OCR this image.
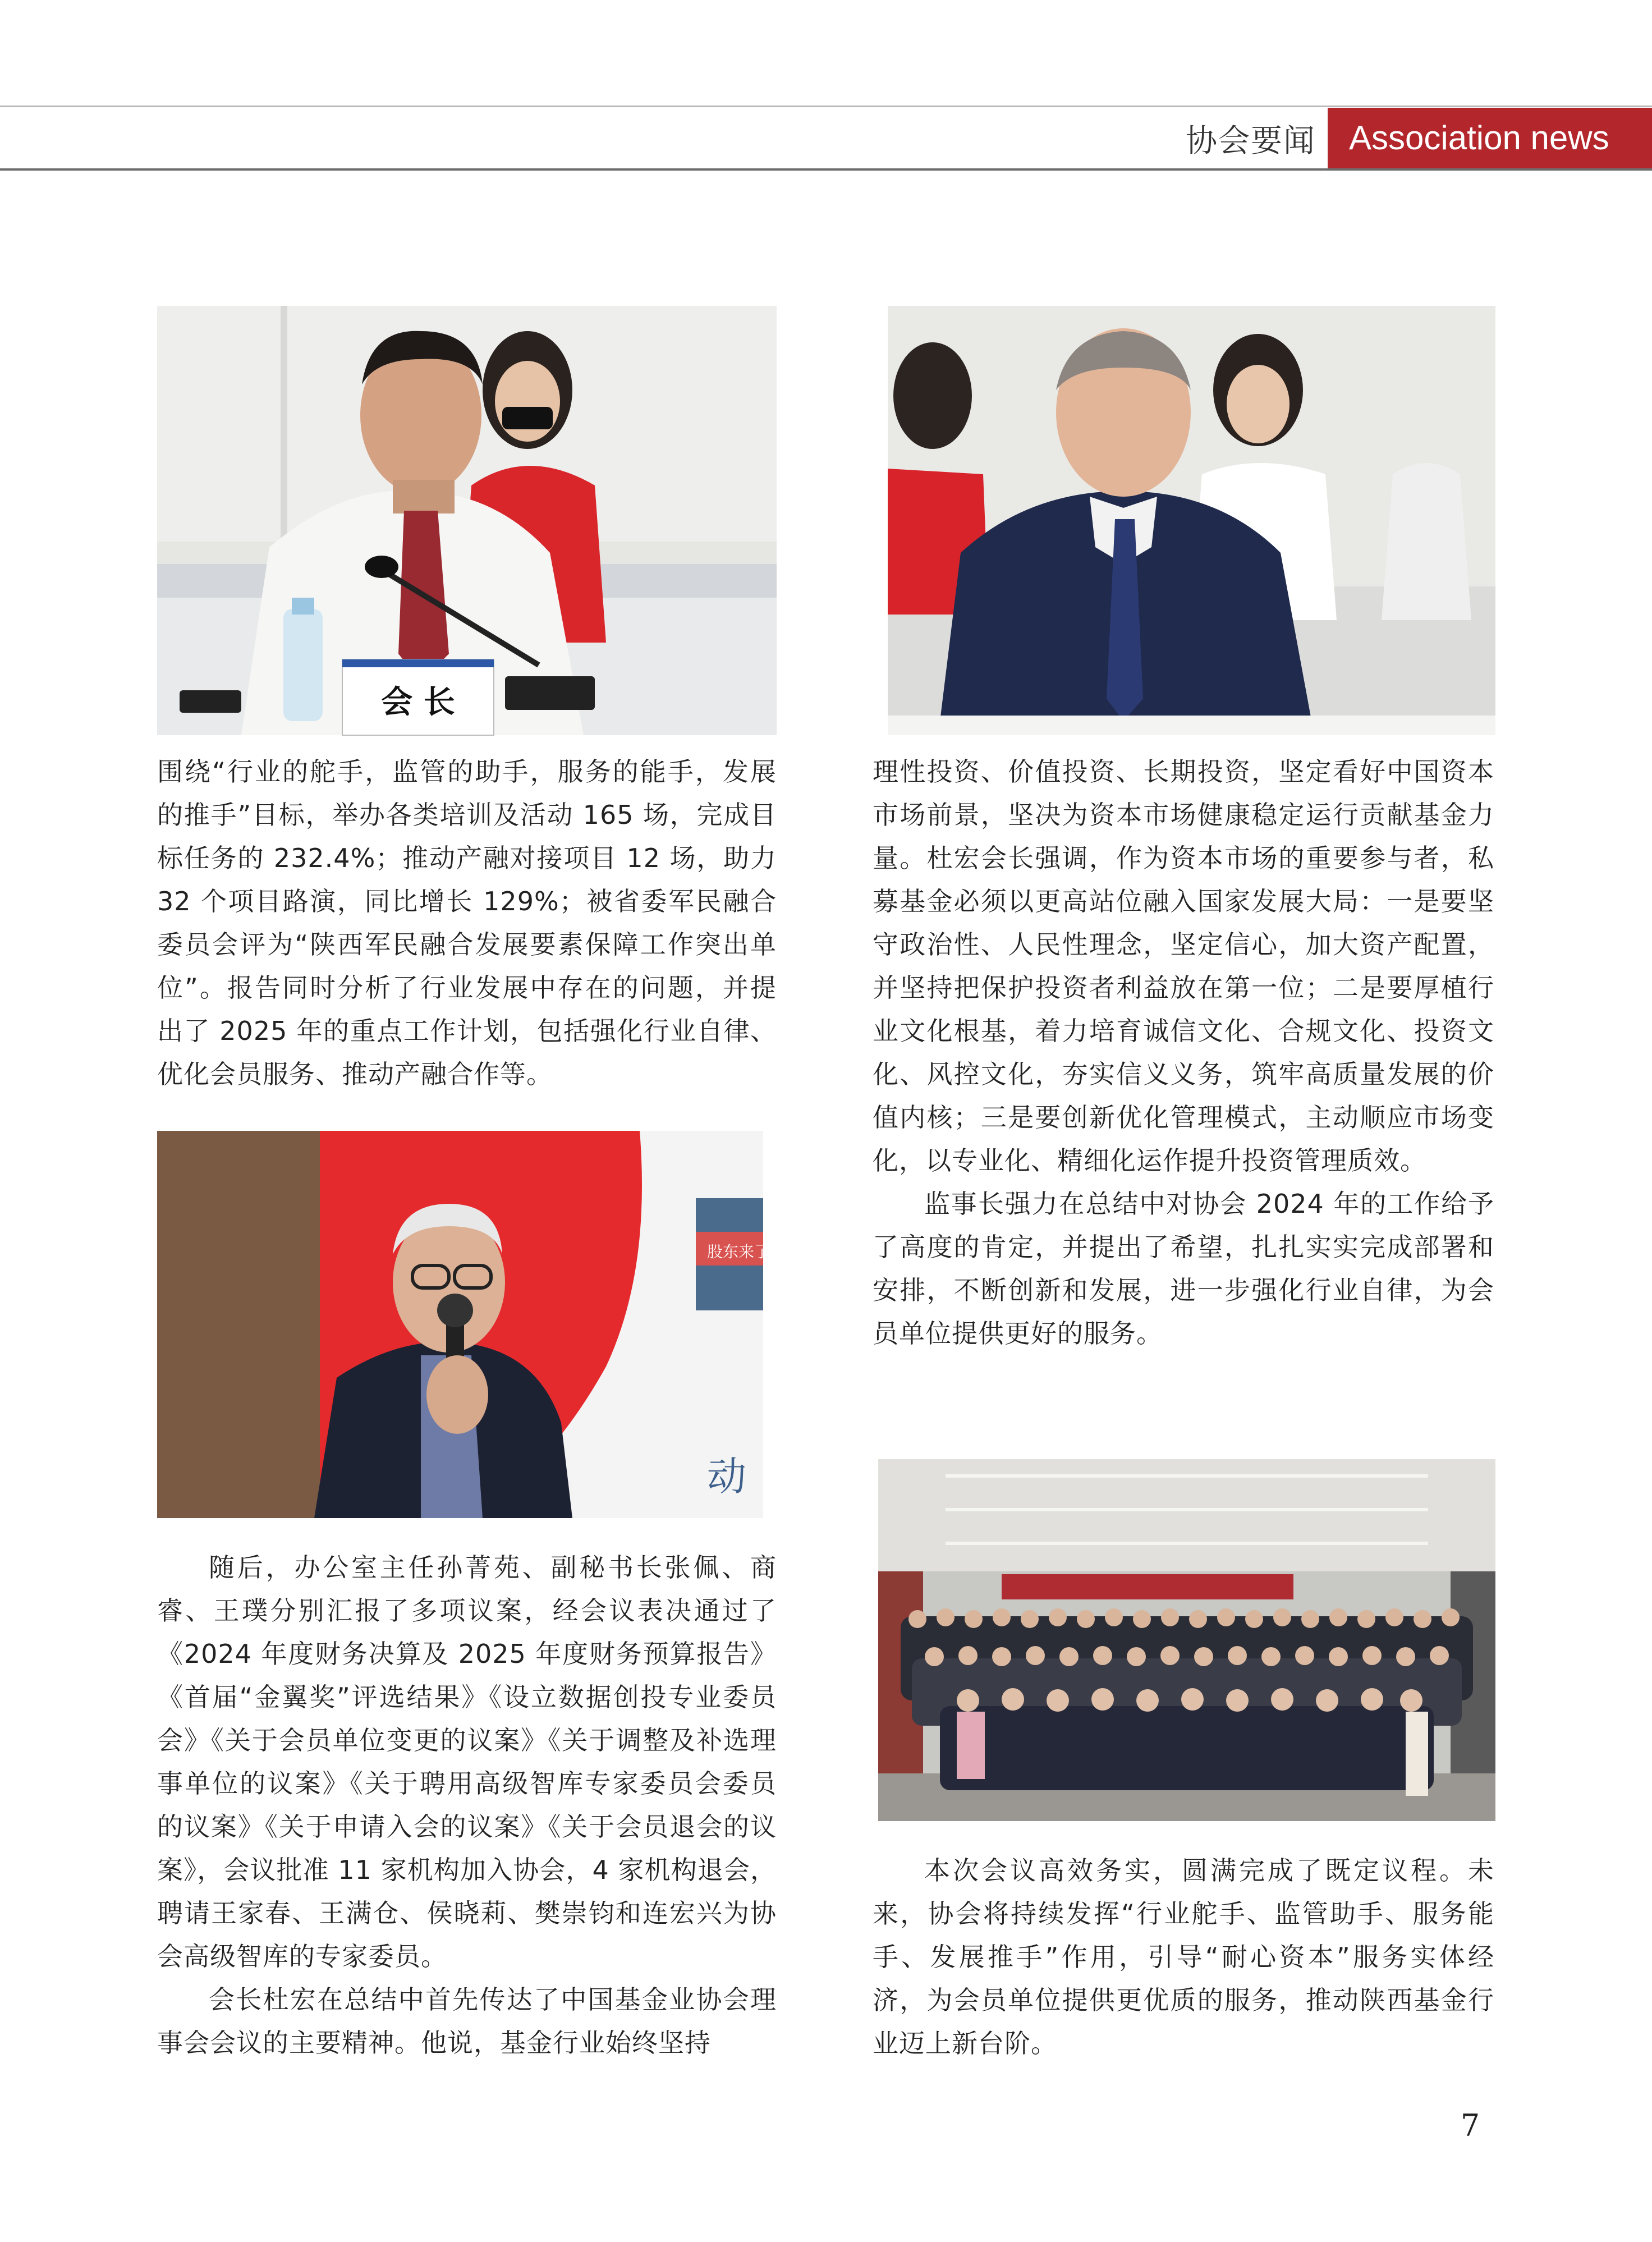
协会要闻 Association news
会 长

围绕“行业的舵手，监管的助手，服务的能手，发展的推手”目标，举办各类培训及活动 165 场，完成目标任务的 232.4%；推动产融对接项目 12 场，助力 32 个项目路演，同比增长 129%；被省委军民融合委员会评为“陕西军民融合发展要素保障工作突出单位”。报告同时分析了行业发展中存在的问题，并提出了 2025 年的重点工作计划，包括强化行业自律、优化会员服务、推动产融合作等。

股东来了
动

随后，办公室主任孙菁苑、副秘书长张佩、商睿、王璞分别汇报了多项议案，经会议表决通过了《2024 年度财务决算及 2025 年度财务预算报告》《首届“金翼奖”评选结果》《设立数据创投专业委员会》《关于会员单位变更的议案》《关于调整及补选理事单位的议案》《关于聘用高级智库专家委员会委员的议案》《关于申请入会的议案》《关于会员退会的议案》，会议批准 11 家机构加入协会，4 家机构退会，聘请王家春、王满仓、侯晓莉、樊崇钧和连宏兴为协会高级智库的专家委员。

会长杜宏在总结中首先传达了中国基金业协会理事会会议的主要精神。他说，基金行业始终坚持

理性投资、价值投资、长期投资，坚定看好中国资本市场前景，坚决为资本市场健康稳定运行贡献基金力量。杜宏会长强调，作为资本市场的重要参与者，私募基金必须以更高站位融入国家发展大局：一是要坚守政治性、人民性理念，坚定信心，加大资产配置，并坚持把保护投资者利益放在第一位；二是要厚植行业文化根基，着力培育诚信文化、合规文化、投资文化、风控文化，夯实信义义务，筑牢高质量发展的价值内核；三是要创新优化管理模式，主动顺应市场变化，以专业化、精细化运作提升投资管理质效。

监事长强力在总结中对协会 2024 年的工作给予了高度的肯定，并提出了希望，扎扎实实完成部署和安排，不断创新和发展，进一步强化行业自律，为会员单位提供更好的服务。

本次会议高效务实，圆满完成了既定议程。未来，协会将持续发挥“行业舵手、监管助手、服务能手、发展推手”作用，引导“耐心资本”服务实体经济，为会员单位提供更优质的服务，推动陕西基金行业迈上新台阶。

7
